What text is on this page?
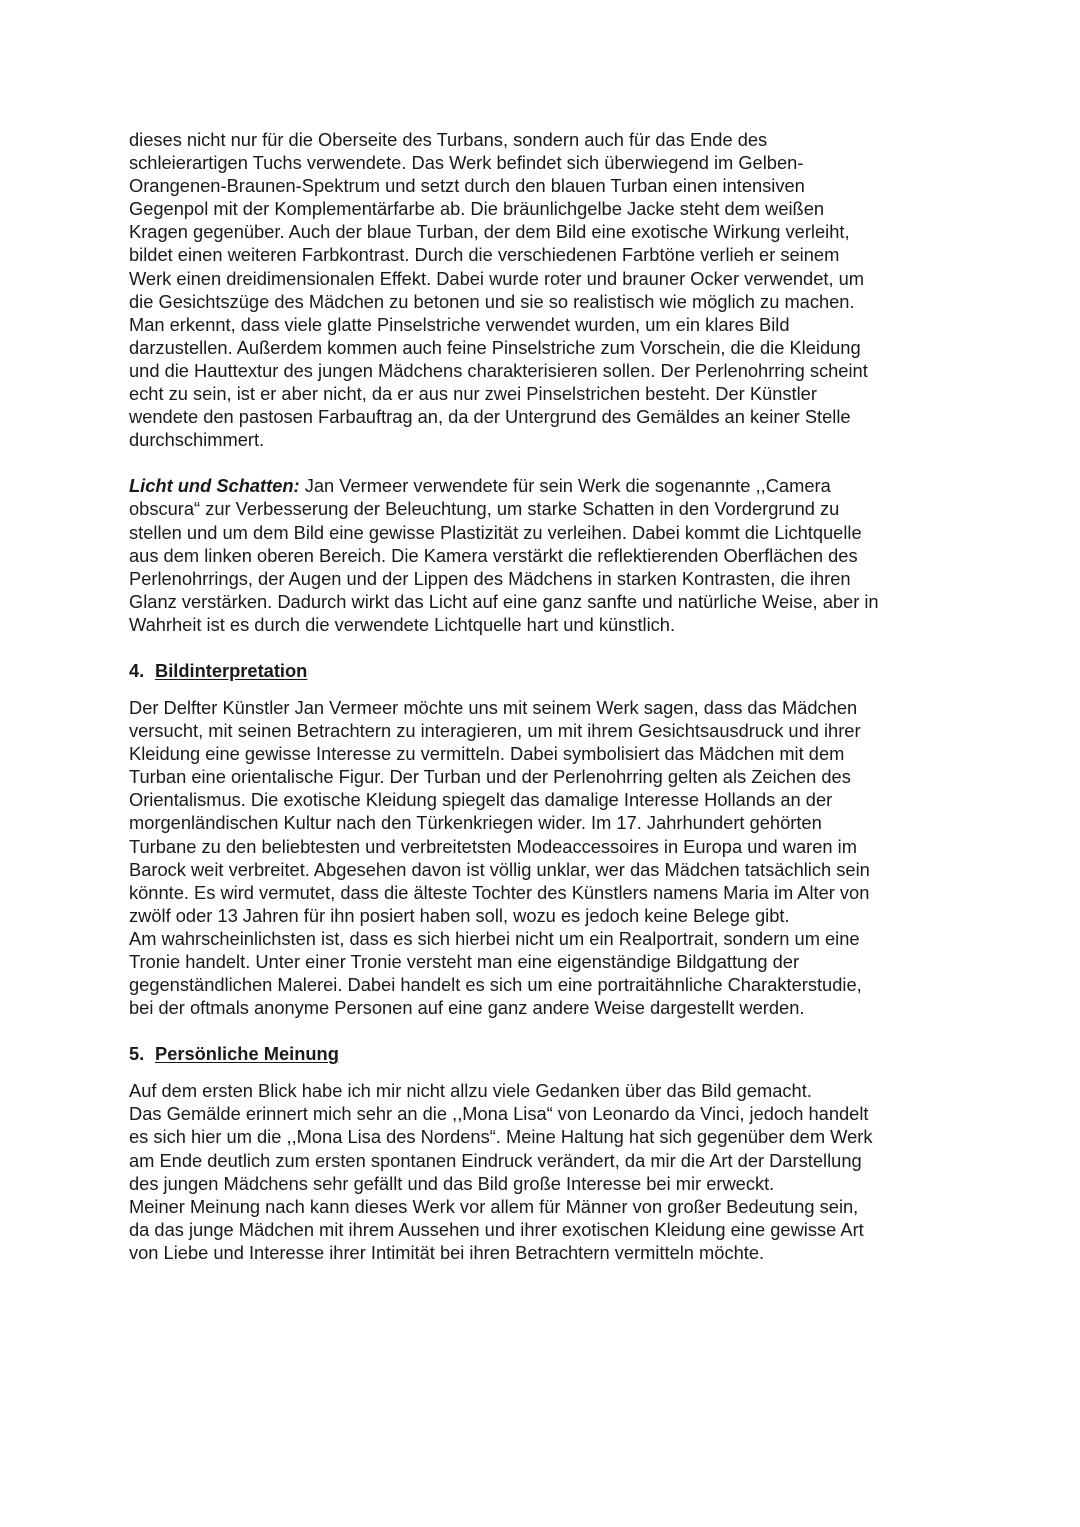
dieses nicht nur für die Oberseite des Turbans, sondern auch für das Ende des

schleierartigen Tuchs verwendete. Das Werk befindet sich überwiegend im Gelben-

Orangenen-Braunen-Spektrum und setzt durch den blauen Turban einen intensiven

Gegenpol mit der Komplementärfarbe ab. Die bräunlichgelbe Jacke steht dem weißen

Kragen gegenüber. Auch der blaue Turban, der dem Bild eine exotische Wirkung verleiht,

bildet einen weiteren Farbkontrast. Durch die verschiedenen Farbtöne verlieh er seinem

Werk einen dreidimensionalen Effekt. Dabei wurde roter und brauner Ocker verwendet, um

die Gesichtszüge des Mädchen zu betonen und sie so realistisch wie möglich zu machen.

Man erkennt, dass viele glatte Pinselstriche verwendet wurden, um ein klares Bild

darzustellen. Außerdem kommen auch feine Pinselstriche zum Vorschein, die die Kleidung

und die Hauttextur des jungen Mädchens charakterisieren sollen. Der Perlenohrring scheint

echt zu sein, ist er aber nicht, da er aus nur zwei Pinselstrichen besteht. Der Künstler

wendete den pastosen Farbauftrag an, da der Untergrund des Gemäldes an keiner Stelle

durchschimmert.

Licht und Schatten: Jan Vermeer verwendete für sein Werk die sogenannte ,,Camera

obscura“ zur Verbesserung der Beleuchtung, um starke Schatten in den Vordergrund zu

stellen und um dem Bild eine gewisse Plastizität zu verleihen. Dabei kommt die Lichtquelle

aus dem linken oberen Bereich. Die Kamera verstärkt die reflektierenden Oberflächen des

Perlenohrrings, der Augen und der Lippen des Mädchens in starken Kontrasten, die ihren

Glanz verstärken. Dadurch wirkt das Licht auf eine ganz sanfte und natürliche Weise, aber in

Wahrheit ist es durch die verwendete Lichtquelle hart und künstlich.

4. Bildinterpretation

Der Delfter Künstler Jan Vermeer möchte uns mit seinem Werk sagen, dass das Mädchen

versucht, mit seinen Betrachtern zu interagieren, um mit ihrem Gesichtsausdruck und ihrer

Kleidung eine gewisse Interesse zu vermitteln. Dabei symbolisiert das Mädchen mit dem

Turban eine orientalische Figur. Der Turban und der Perlenohrring gelten als Zeichen des

Orientalismus. Die exotische Kleidung spiegelt das damalige Interesse Hollands an der

morgenländischen Kultur nach den Türkenkriegen wider. Im 17. Jahrhundert gehörten

Turbane zu den beliebtesten und verbreitetsten Modeaccessoires in Europa und waren im

Barock weit verbreitet. Abgesehen davon ist völlig unklar, wer das Mädchen tatsächlich sein

könnte. Es wird vermutet, dass die älteste Tochter des Künstlers namens Maria im Alter von

zwölf oder 13 Jahren für ihn posiert haben soll, wozu es jedoch keine Belege gibt.

Am wahrscheinlichsten ist, dass es sich hierbei nicht um ein Realportrait, sondern um eine

Tronie handelt. Unter einer Tronie versteht man eine eigenständige Bildgattung der

gegenständlichen Malerei. Dabei handelt es sich um eine portraitähnliche Charakterstudie,

bei der oftmals anonyme Personen auf eine ganz andere Weise dargestellt werden.

5. Persönliche Meinung

Auf dem ersten Blick habe ich mir nicht allzu viele Gedanken über das Bild gemacht.

Das Gemälde erinnert mich sehr an die ,,Mona Lisa“ von Leonardo da Vinci, jedoch handelt

es sich hier um die ,,Mona Lisa des Nordens“. Meine Haltung hat sich gegenüber dem Werk

am Ende deutlich zum ersten spontanen Eindruck verändert, da mir die Art der Darstellung

des jungen Mädchens sehr gefällt und das Bild große Interesse bei mir erweckt.

Meiner Meinung nach kann dieses Werk vor allem für Männer von großer Bedeutung sein,

da das junge Mädchen mit ihrem Aussehen und ihrer exotischen Kleidung eine gewisse Art

von Liebe und Interesse ihrer Intimität bei ihren Betrachtern vermitteln möchte.
